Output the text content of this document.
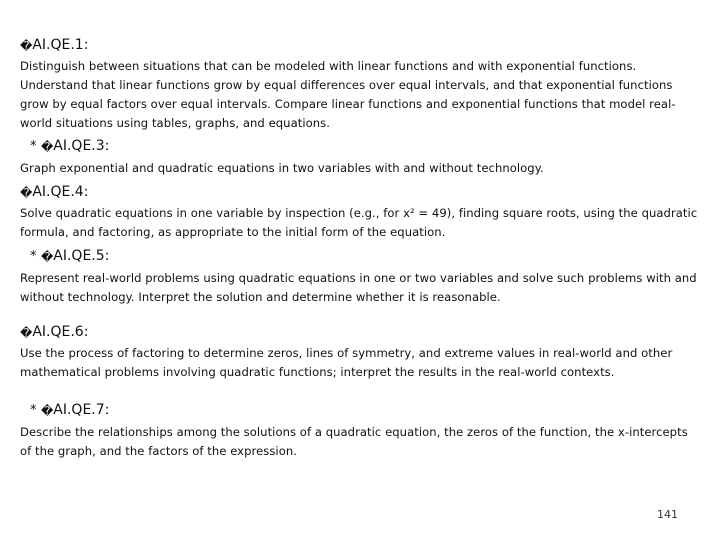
�AI.QE.1:
Distinguish between situations that can be modeled with linear functions and with exponential functions. Understand that linear functions grow by equal differences over equal intervals, and that exponential functions grow by equal factors over equal intervals. Compare linear functions and exponential functions that model real-world situations using tables, graphs, and equations.
* �AI.QE.3:
Graph exponential and quadratic equations in two variables with and without technology.
�AI.QE.4:
Solve quadratic equations in one variable by inspection (e.g., for x² = 49), finding square roots, using the quadratic formula, and factoring, as appropriate to the initial form of the equation.
* �AI.QE.5:
Represent real-world problems using quadratic equations in one or two variables and solve such problems with and without technology. Interpret the solution and determine whether it is reasonable.
�AI.QE.6:
Use the process of factoring to determine zeros, lines of symmetry, and extreme values in real-world and other mathematical problems involving quadratic functions; interpret the results in the real-world contexts.
* �AI.QE.7:
Describe the relationships among the solutions of a quadratic equation, the zeros of the function, the x-intercepts of the graph, and the factors of the expression.
141
